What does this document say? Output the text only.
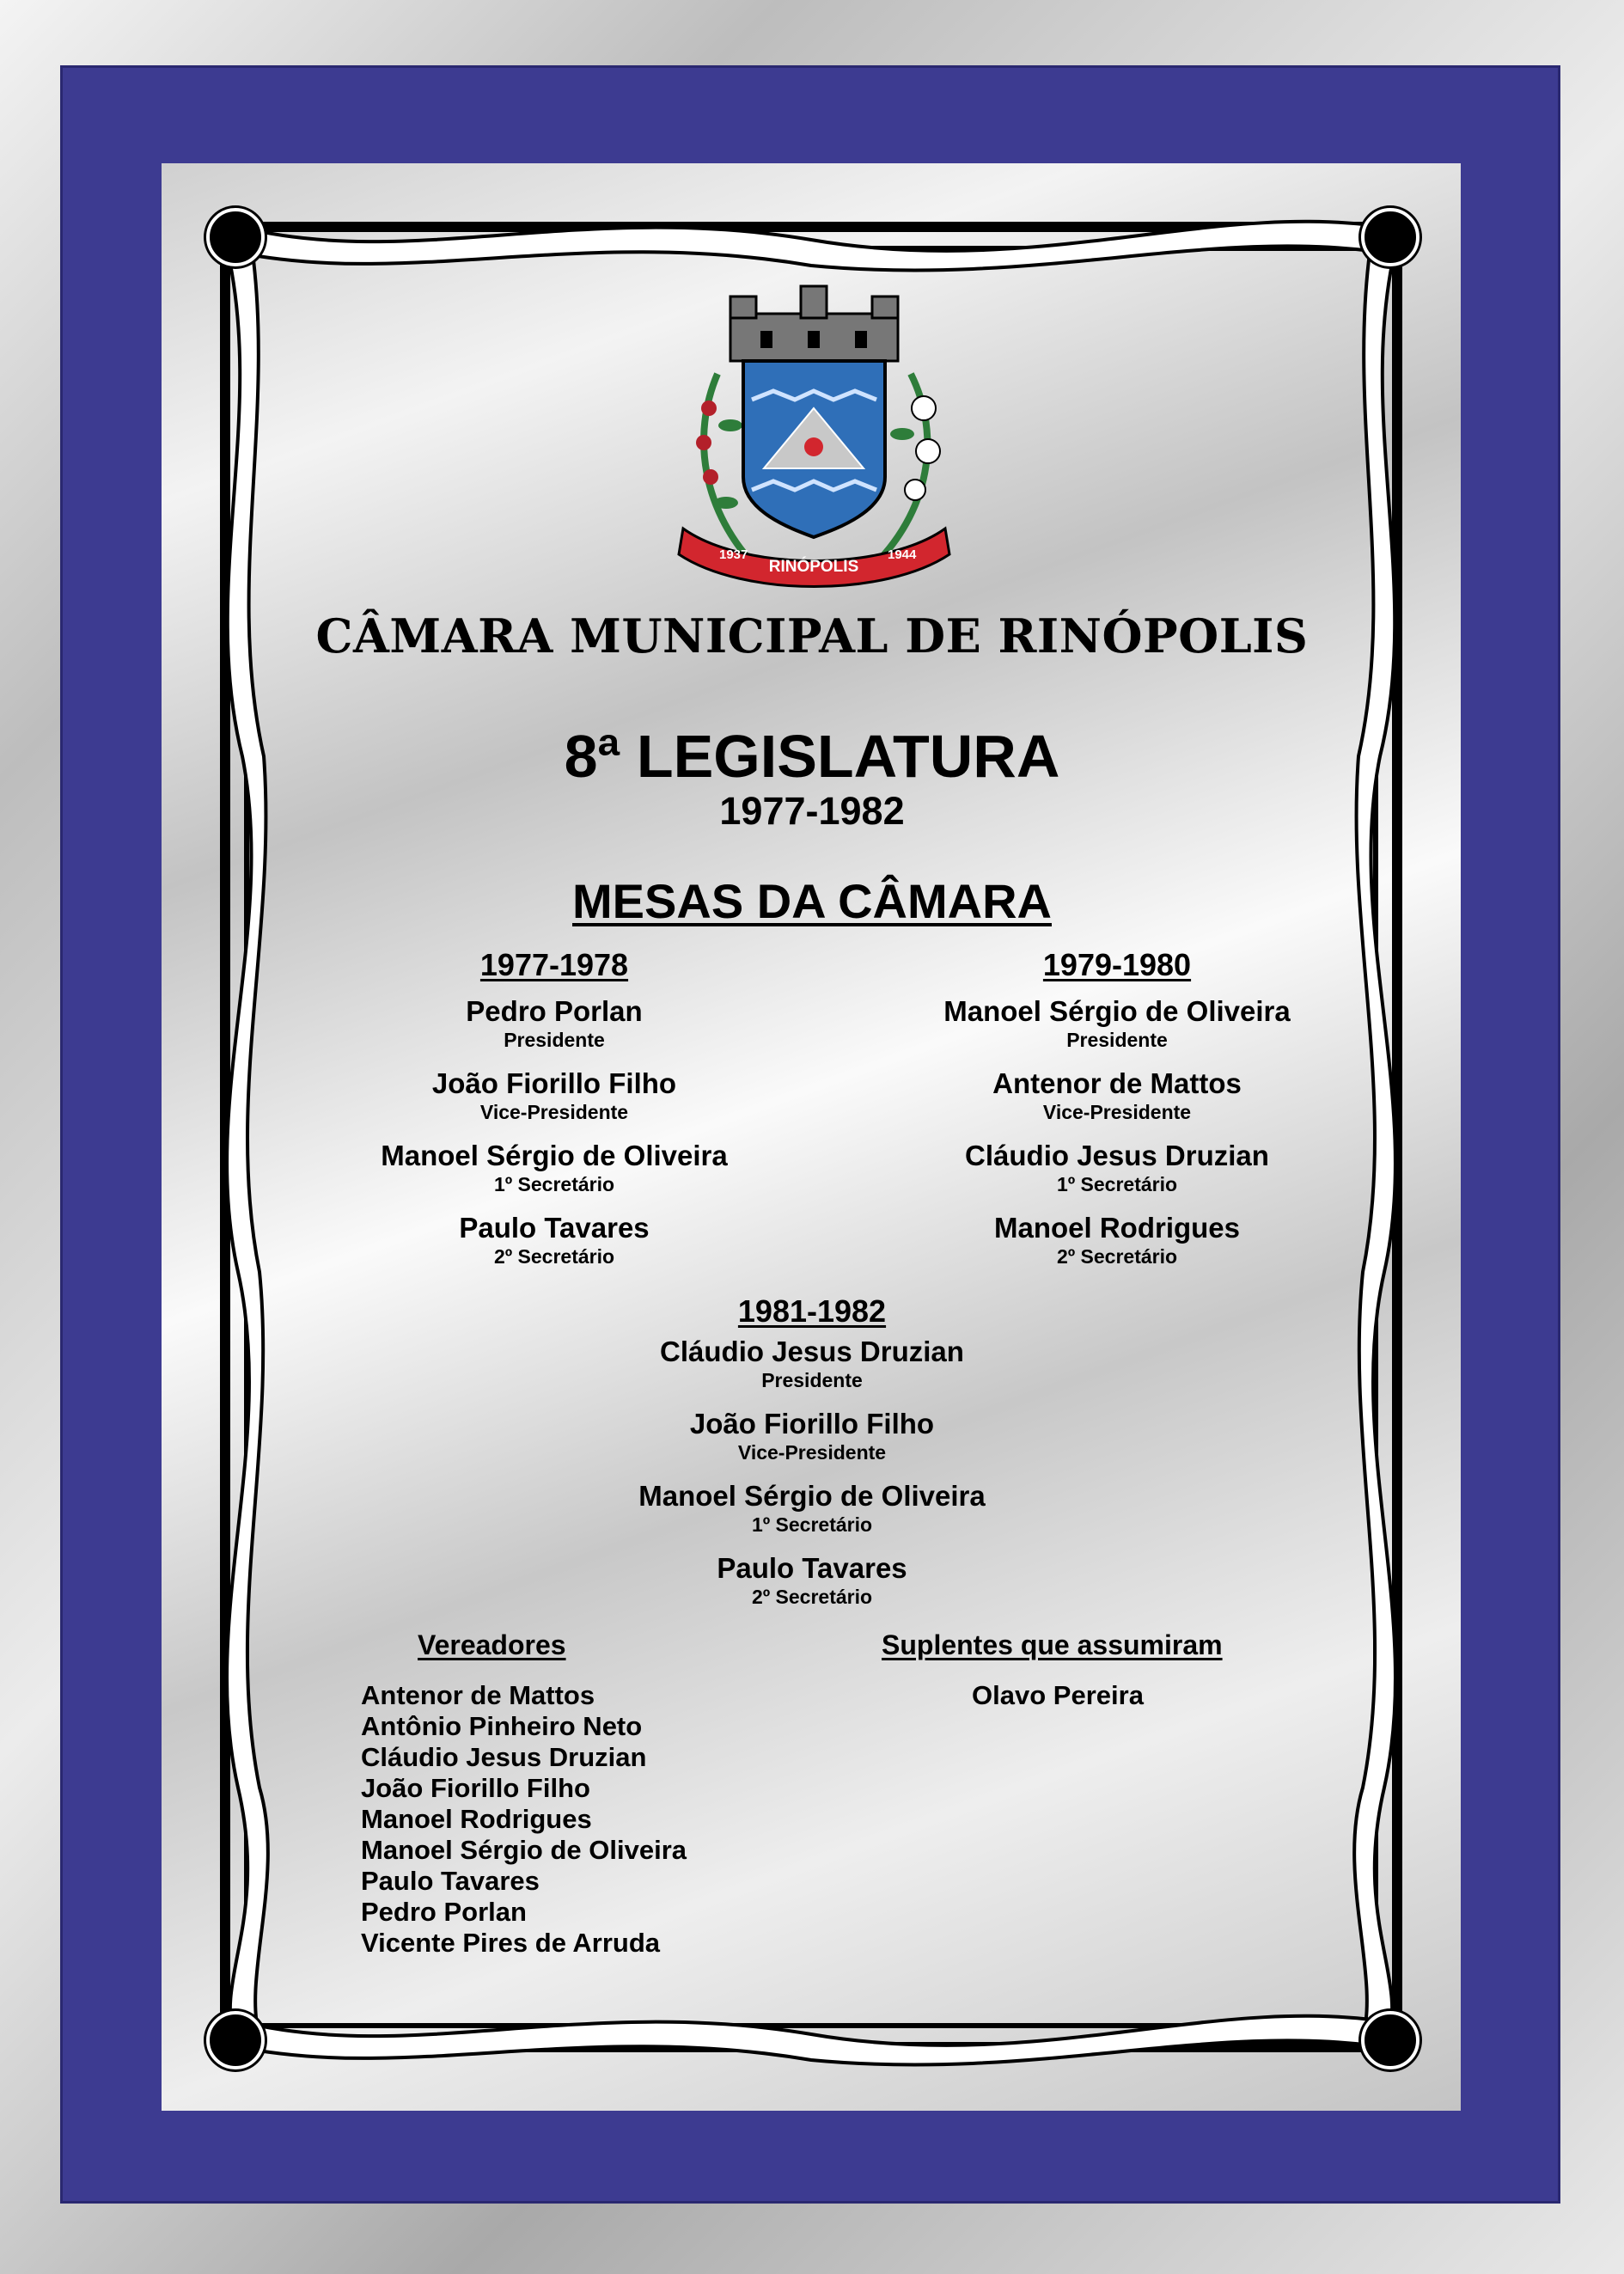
1937
RINÓPOLIS
1944
CÂMARA MUNICIPAL DE RINÓPOLIS
8ª LEGISLATURA
1977-1982
MESAS DA CÂMARA
1977-1978
Pedro Porlan
Presidente
João Fiorillo Filho
Vice-Presidente
Manoel Sérgio de Oliveira
1º Secretário
Paulo Tavares
2º Secretário
1979-1980
Manoel Sérgio de Oliveira
Presidente
Antenor de Mattos
Vice-Presidente
Cláudio Jesus Druzian
1º Secretário
Manoel Rodrigues
2º Secretário
1981-1982
Cláudio Jesus Druzian
Presidente
João Fiorillo Filho
Vice-Presidente
Manoel Sérgio de Oliveira
1º Secretário
Paulo Tavares
2º Secretário
Vereadores
Antenor de Mattos
Antônio Pinheiro Neto
Cláudio Jesus Druzian
João Fiorillo Filho
Manoel Rodrigues
Manoel Sérgio de Oliveira
Paulo Tavares
Pedro Porlan
Vicente Pires de Arruda
Suplentes que assumiram
Olavo Pereira
